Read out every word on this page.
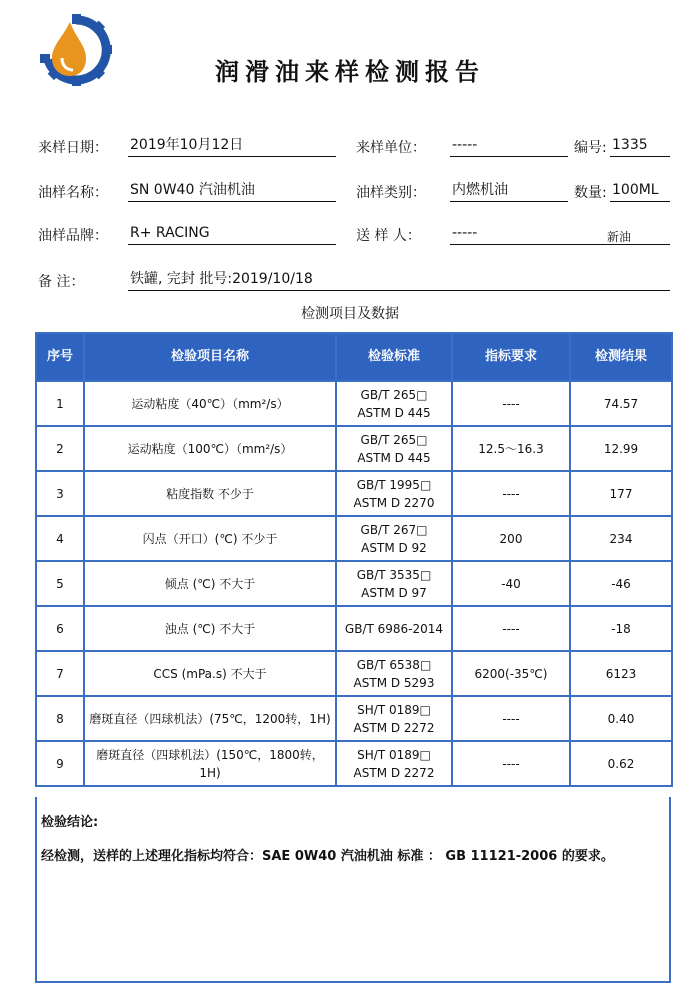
润滑油来样检测报告
来样日期： 2019年10月12日	来样单位： -----	编号: 1335
油样名称： SN 0W40 汽油机油	油样类别： 内燃机油	数量: 100ML
油样品牌： R+ RACING	送 样 人： -----	新油
备 注：	铁罐, 完封 批号:2019/10/18
检测项目及数据
序号	检验项目名称	检验标准	指标要求	检测结果
1	运动粘度（40℃）（mm²/s）	GB/T 265□
ASTM D 445	----	74.57
2	运动粘度（100℃）（mm²/s）	GB/T 265□
ASTM D 445	12.5～16.3	12.99
3	粘度指数 不少于	GB/T 1995□
ASTM D 2270	----	177
4	闪点（开口）(℃) 不少于	GB/T 267□
ASTM D 92	200	234
5	倾点 (℃) 不大于	GB/T 3535□
ASTM D 97	-40	-46
6	浊点 (℃) 不大于	GB/T 6986-2014	----	-18
7	CCS (mPa.s) 不大于	GB/T 6538□
ASTM D 5293	6200(-35℃)	6123
8	磨斑直径（四球机法）(75℃，1200转，1H)	SH/T 0189□
ASTM D 2272	----	0.40
9	磨斑直径（四球机法）(150℃，1800转，1H)	SH/T 0189□
ASTM D 2272	----	0.62
检验结论:
经检测，送样的上述理化指标均符合：SAE 0W40 汽油机油 标准 ： GB 11121-2006 的要求。
